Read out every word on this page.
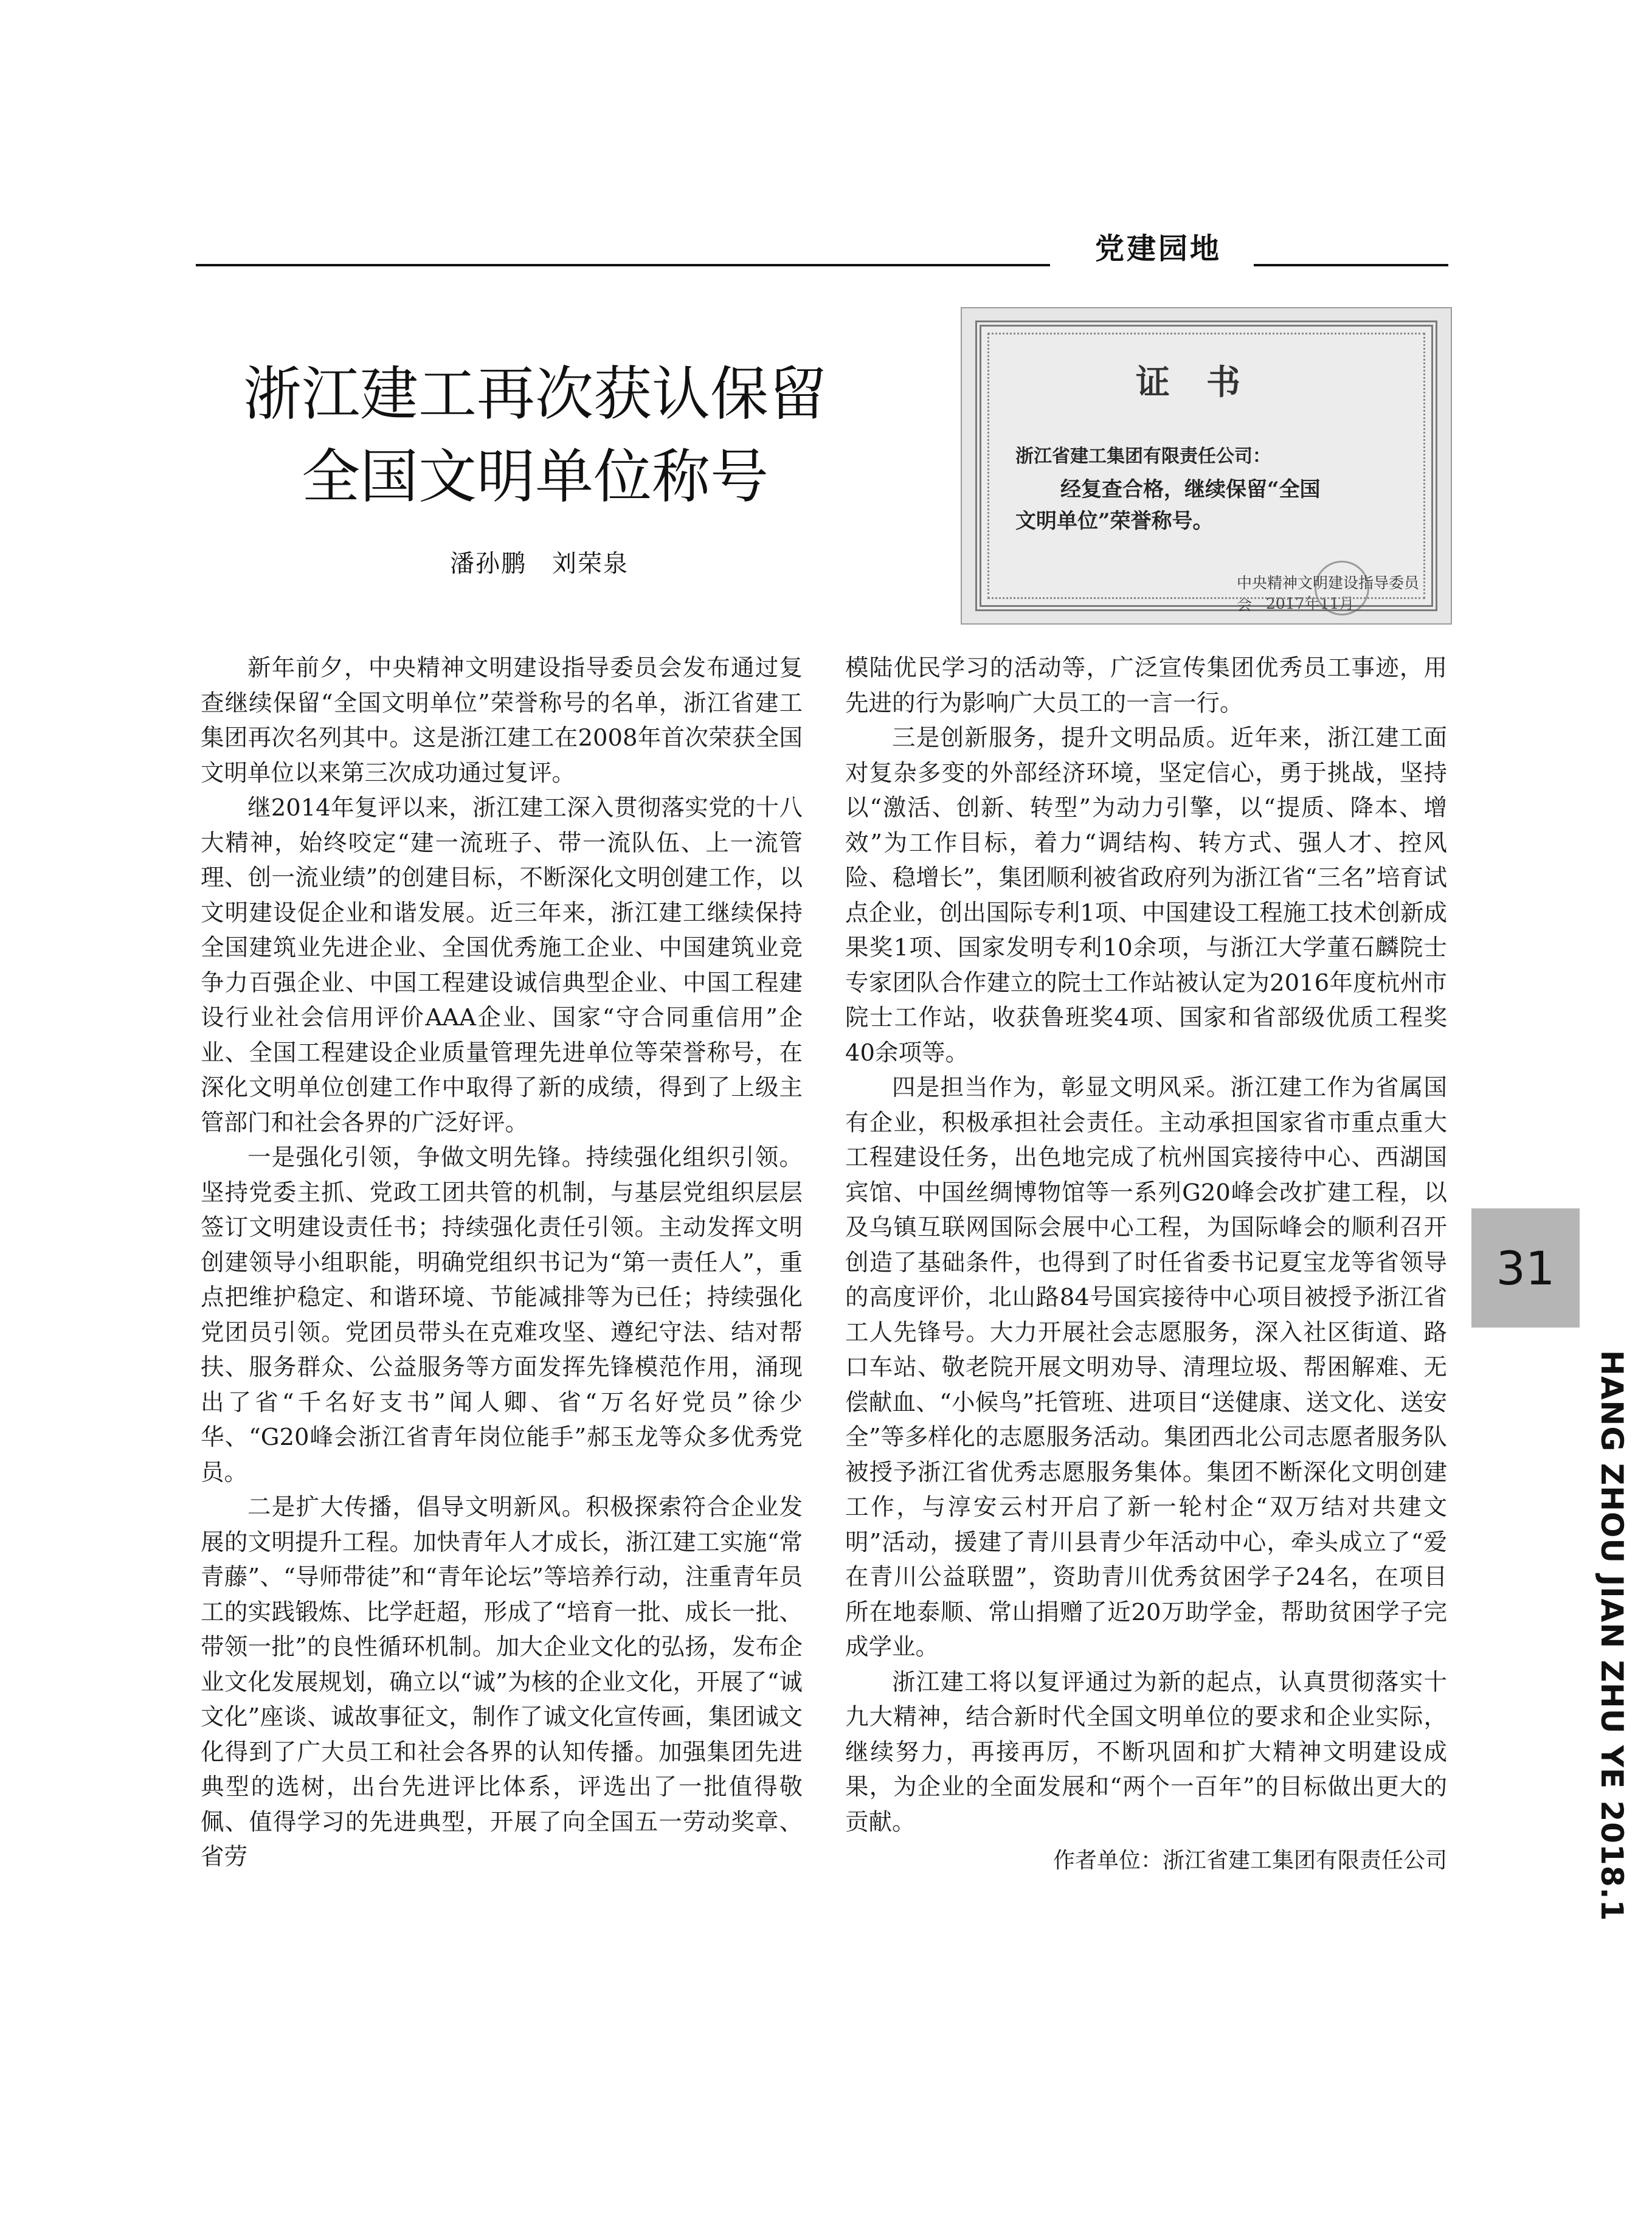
党建园地
浙江建工再次获认保留
全国文明单位称号
潘孙鹏　刘荣泉
证书
浙江省建工集团有限责任公司：
经复查合格，继续保留“全国
文明单位”荣誉称号。
中央精神文明建设指导委员会 2017年11月

新年前夕，中央精神文明建设指导委员会发布通过复查继续保留“全国文明单位”荣誉称号的名单，浙江省建工集团再次名列其中。这是浙江建工在2008年首次荣获全国文明单位以来第三次成功通过复评。

继2014年复评以来，浙江建工深入贯彻落实党的十八大精神，始终咬定“建一流班子、带一流队伍、上一流管理、创一流业绩”的创建目标，不断深化文明创建工作，以文明建设促企业和谐发展。近三年来，浙江建工继续保持全国建筑业先进企业、全国优秀施工企业、中国建筑业竞争力百强企业、中国工程建设诚信典型企业、中国工程建设行业社会信用评价AAA企业、国家“守合同重信用”企业、全国工程建设企业质量管理先进单位等荣誉称号，在深化文明单位创建工作中取得了新的成绩，得到了上级主管部门和社会各界的广泛好评。

一是强化引领，争做文明先锋。持续强化组织引领。坚持党委主抓、党政工团共管的机制，与基层党组织层层签订文明建设责任书；持续强化责任引领。主动发挥文明创建领导小组职能，明确党组织书记为“第一责任人”，重点把维护稳定、和谐环境、节能减排等为已任；持续强化党团员引领。党团员带头在克难攻坚、遵纪守法、结对帮扶、服务群众、公益服务等方面发挥先锋模范作用，涌现出了省“千名好支书”闻人卿、省“万名好党员”徐少华、“G20峰会浙江省青年岗位能手”郝玉龙等众多优秀党员。

二是扩大传播，倡导文明新风。积极探索符合企业发展的文明提升工程。加快青年人才成长，浙江建工实施“常青藤”、“导师带徒”和“青年论坛”等培养行动，注重青年员工的实践锻炼、比学赶超，形成了“培育一批、成长一批、带领一批”的良性循环机制。加大企业文化的弘扬，发布企业文化发展规划，确立以“诚”为核的企业文化，开展了“诚文化”座谈、诚故事征文，制作了诚文化宣传画，集团诚文化得到了广大员工和社会各界的认知传播。加强集团先进典型的选树，出台先进评比体系，评选出了一批值得敬佩、值得学习的先进典型，开展了向全国五一劳动奖章、省劳

模陆优民学习的活动等，广泛宣传集团优秀员工事迹，用先进的行为影响广大员工的一言一行。

三是创新服务，提升文明品质。近年来，浙江建工面对复杂多变的外部经济环境，坚定信心，勇于挑战，坚持以“激活、创新、转型”为动力引擎，以“提质、降本、增效”为工作目标，着力“调结构、转方式、强人才、控风险、稳增长”，集团顺利被省政府列为浙江省“三名”培育试点企业，创出国际专利1项、中国建设工程施工技术创新成果奖1项、国家发明专利10余项，与浙江大学董石麟院士专家团队合作建立的院士工作站被认定为2016年度杭州市院士工作站，收获鲁班奖4项、国家和省部级优质工程奖40余项等。

四是担当作为，彰显文明风采。浙江建工作为省属国有企业，积极承担社会责任。主动承担国家省市重点重大工程建设任务，出色地完成了杭州国宾接待中心、西湖国宾馆、中国丝绸博物馆等一系列G20峰会改扩建工程，以及乌镇互联网国际会展中心工程，为国际峰会的顺利召开创造了基础条件，也得到了时任省委书记夏宝龙等省领导的高度评价，北山路84号国宾接待中心项目被授予浙江省工人先锋号。大力开展社会志愿服务，深入社区街道、路口车站、敬老院开展文明劝导、清理垃圾、帮困解难、无偿献血、“小候鸟”托管班、进项目“送健康、送文化、送安全”等多样化的志愿服务活动。集团西北公司志愿者服务队被授予浙江省优秀志愿服务集体。集团不断深化文明创建工作，与淳安云村开启了新一轮村企“双万结对共建文明”活动，援建了青川县青少年活动中心，牵头成立了“爱在青川公益联盟”，资助青川优秀贫困学子24名，在项目所在地泰顺、常山捐赠了近20万助学金，帮助贫困学子完成学业。

浙江建工将以复评通过为新的起点，认真贯彻落实十九大精神，结合新时代全国文明单位的要求和企业实际，继续努力，再接再厉，不断巩固和扩大精神文明建设成果，为企业的全面发展和“两个一百年”的目标做出更大的贡献。

作者单位：浙江省建工集团有限责任公司

31
HANG ZHOU JIAN ZHU YE 2018.1
